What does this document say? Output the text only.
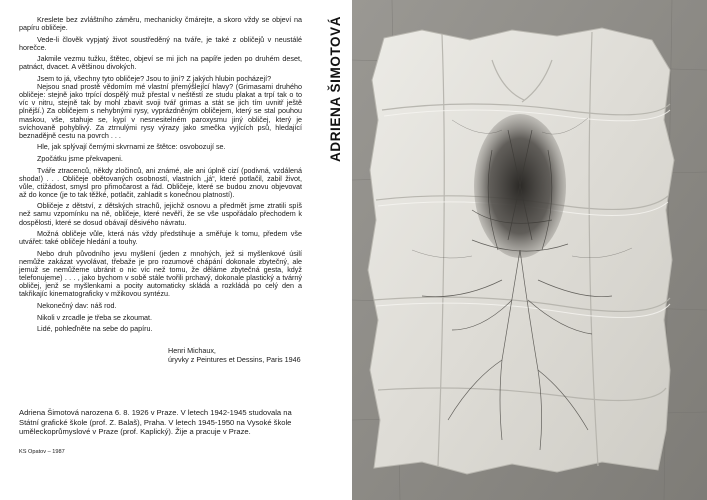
Kreslete bez zvláštního záměru, mechanicky čmárejte, a skoro vždy se objeví na papíru obličeje.

Vede-li člověk vypjatý život soustředěný na tváře, je také z obličejů v neustálé horečce.

Jakmile vezmu tužku, štětec, objeví se mi jich na papíře jeden po druhém deset, patnáct, dvacet. A většinou divokých.

Jsem to já, všechny tyto obličeje? Jsou to jiní? Z jakých hlubin pocházejí?

Nejsou snad prostě vědomím mé vlastní přemýšlející hlavy? (Grimasami druhého obličeje: stejně jako trpící dospělý muž přestal v neštěstí ze studu plakat a trpí tak o to víc v nitru, stejně tak by mohl zbavit svoji tvář grimas a stát se jich tím uvnitř ještě plnější.) Za obličejem s nehybnými rysy, vyprázdněným obličejem, který se stal pouhou maskou, vše, stahuje se, kypí v nesnesitelném paroxysmu jiný obličej, který je svíchovaně pohyblivý. Za ztrnulými rysy výrazy jako smečka vyjících psů, hledající beznadějně cestu na povrch . . .

Hle, jak splývají černými skvrnami ze štětce: osvobozují se.

Zpočátku jsme překvapeni.

Tváře ztracenců, někdy zločinců, ani známé, ale ani úplně cizí (podivná, vzdálená shoda!) . . . Obličeje obětovaných osobností, vlastních „já“, které potlačil, zabil život, vůle, ctižádost, smysl pro přimočarost a řád. Obličeje, které se budou znovu objevovat až do konce (je to tak těžké, potlačit, zahladit s konečnou platností).

Obličeje z dětství, z dětských strachů, jejichž osnovu a předmět jsme ztratili spíš než samu vzpomínku na ně, obličeje, které nevěří, že se vše uspořádalo přechodem k dospělosti, které se dosud obávají děsivého návratu.

Možná obličeje vůle, která nás vždy předstihuje a směřuje k tomu, předem vše utvářet: také obličeje hledání a touhy.

Nebo druh původního jevu myšlení (jeden z mnohých, jež si myšlenkové úsilí nemůže zakázat vyvolávat, třebaže je pro rozumové chápání dokonale zbytečný, ale jemuž se nemůžeme ubránit o nic víc než tomu, že děláme zbytečná gesta, když telefonujeme) . . . , jako bychom v sobě stále tvořili prchavý, dokonale plastický a tvárný obličej, jenž se myšlenkami a pocity automaticky skládá a rozkládá po celý den a takřikajíc kinematograficky v mžikovou syntézu.

Nekonečný dav: náš rod.

Nikoli v zrcadle je třeba se zkoumat.

Lidé, pohleďněte na sebe do papíru.

Henri Michaux,
úryvky z Peintures et Dessins, Paris 1946
Adriena Šimotová narozena 6. 8. 1926 v Praze. V letech 1942-1945 studovala na Státní grafické škole (prof. Z. Balaš), Praha. V letech 1945-1950 na Vysoké škole uměleckoprůmyslové v Praze (prof. Kaplický). Žije a pracuje v Praze.
KS Opatov – 1987
ADRIENA ŠIMOTOVÁ
